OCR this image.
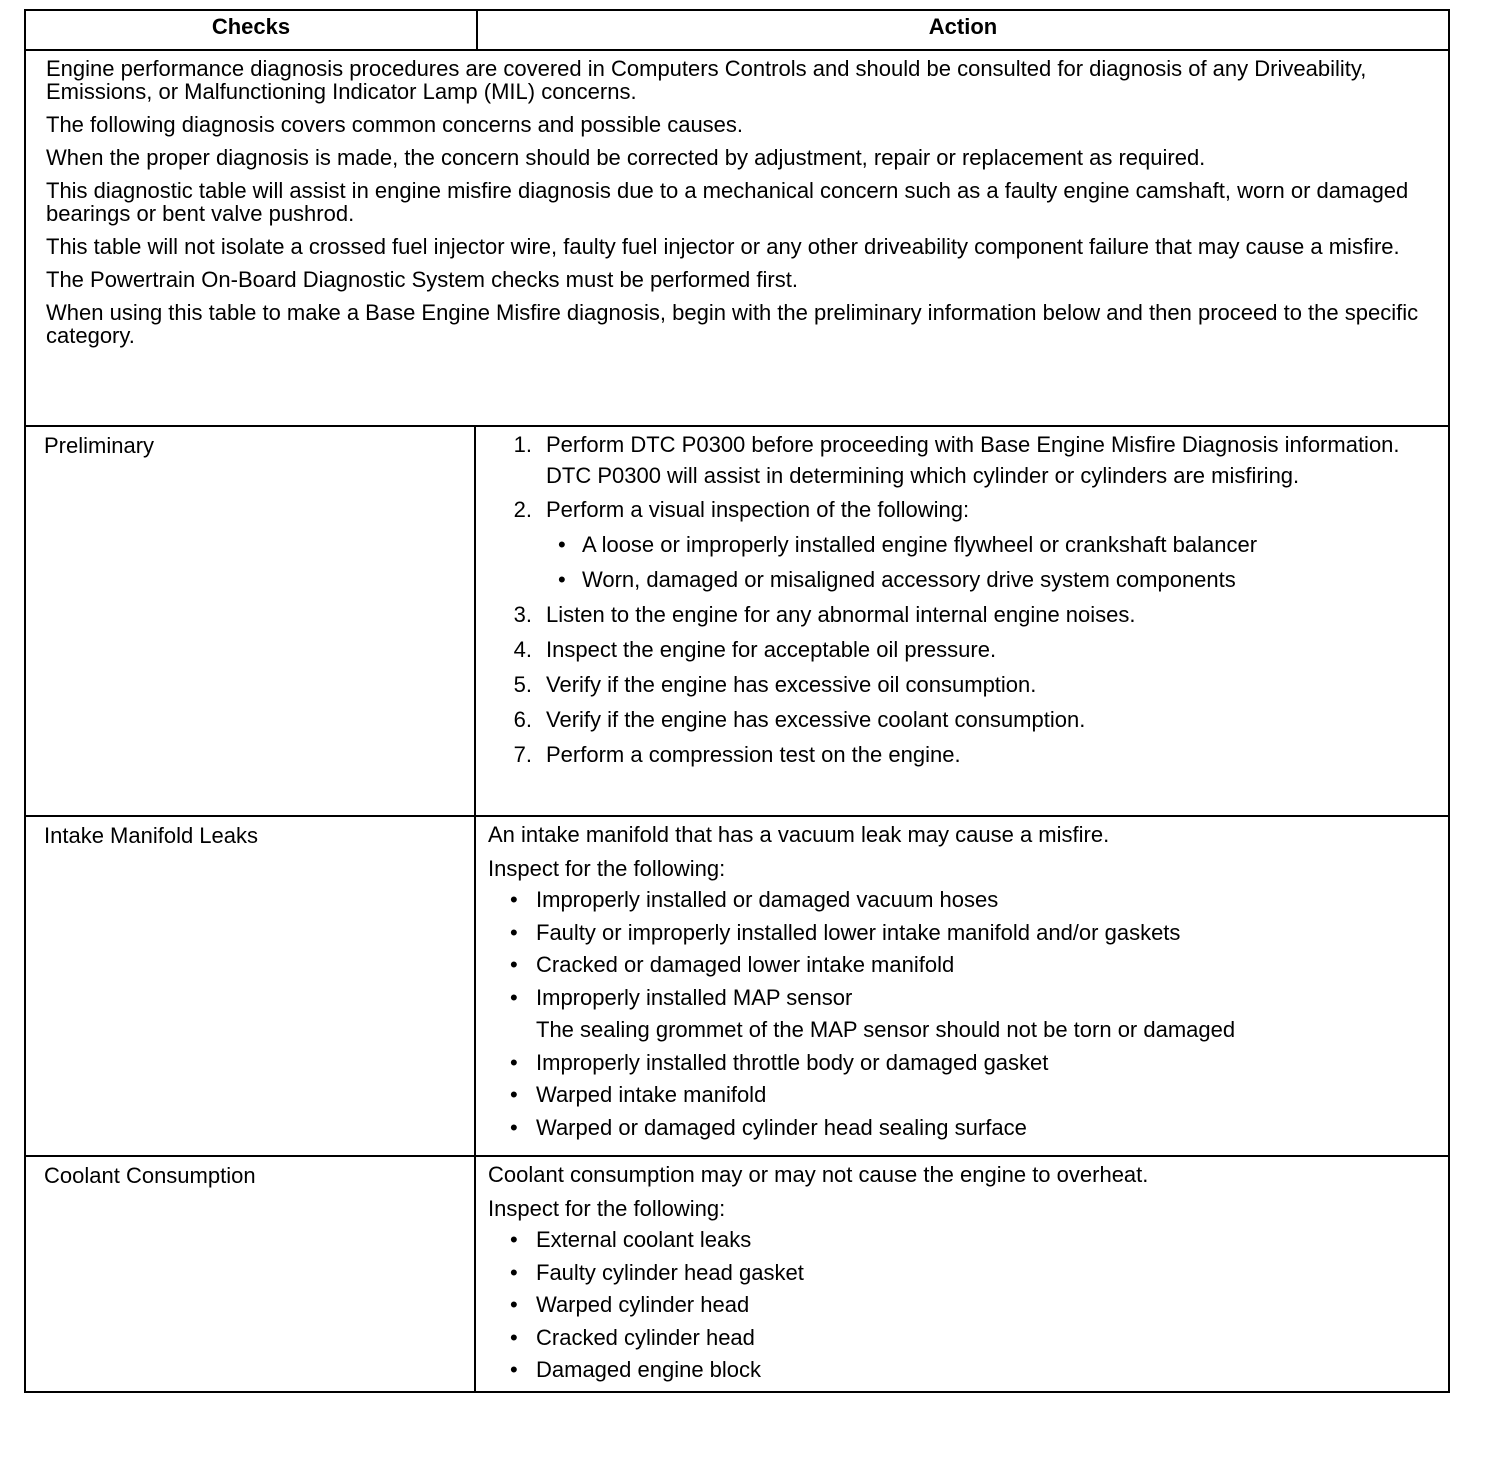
Checks	Action

Engine performance diagnosis procedures are covered in Computers Controls and should be consulted for diagnosis of any Driveability, Emissions, or Malfunctioning Indicator Lamp (MIL) concerns.

The following diagnosis covers common concerns and possible causes.

When the proper diagnosis is made, the concern should be corrected by adjustment, repair or replacement as required.

This diagnostic table will assist in engine misfire diagnosis due to a mechanical concern such as a faulty engine camshaft, worn or damaged bearings or bent valve pushrod.

This table will not isolate a crossed fuel injector wire, faulty fuel injector or any other driveability component failure that may cause a misfire.

The Powertrain On-Board Diagnostic System checks must be performed first.

When using this table to make a Base Engine Misfire diagnosis, begin with the preliminary information below and then proceed to the specific category.

Preliminary	1. Perform DTC P0300 before proceeding with Base Engine Misfire Diagnosis information.
DTC P0300 will assist in determining which cylinder or cylinders are misfiring.
2. Perform a visual inspection of the following:
• A loose or improperly installed engine flywheel or crankshaft balancer
• Worn, damaged or misaligned accessory drive system components
3. Listen to the engine for any abnormal internal engine noises.
4. Inspect the engine for acceptable oil pressure.
5. Verify if the engine has excessive oil consumption.
6. Verify if the engine has excessive coolant consumption.
7. Perform a compression test on the engine.
Intake Manifold Leaks	An intake manifold that has a vacuum leak may cause a misfire.
Inspect for the following:
• Improperly installed or damaged vacuum hoses
• Faulty or improperly installed lower intake manifold and/or gaskets
• Cracked or damaged lower intake manifold
• Improperly installed MAP sensor
The sealing grommet of the MAP sensor should not be torn or damaged
• Improperly installed throttle body or damaged gasket
• Warped intake manifold
• Warped or damaged cylinder head sealing surface
Coolant Consumption	Coolant consumption may or may not cause the engine to overheat.
Inspect for the following:
• External coolant leaks
• Faulty cylinder head gasket
• Warped cylinder head
• Cracked cylinder head
• Damaged engine block
